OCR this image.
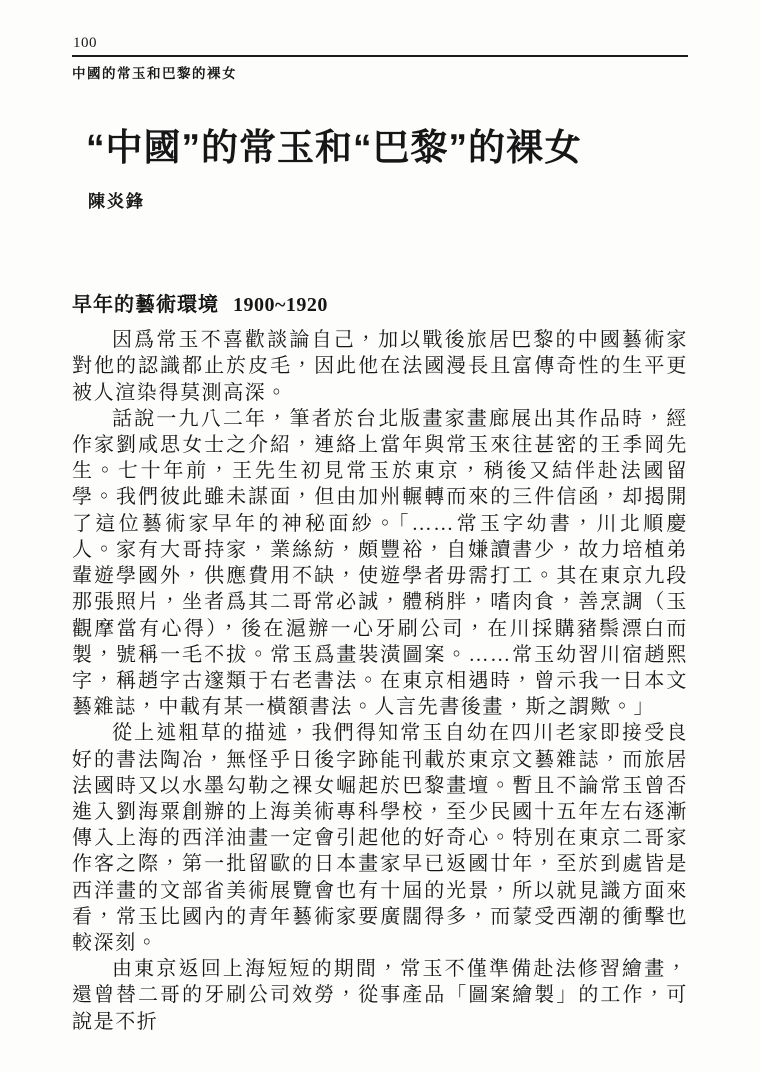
100
中國的常玉和巴黎的裸女
“中國”的常玉和“巴黎”的裸女
陳炎鋒
早年的藝術環境 1900~1920

因爲常玉不喜歡談論自己，加以戰後旅居巴黎的中國藝術家對他的認識都止於皮毛，因此他在法國漫長且富傳奇性的生平更被人渲染得莫測高深。

話說一九八二年，筆者於台北版畫家畫廊展出其作品時，經作家劉咸思女士之介紹，連絡上當年與常玉來往甚密的王季岡先生。七十年前，王先生初見常玉於東京，稍後又結伴赴法國留學。我們彼此雖未謀面，但由加州輾轉而來的三件信函，却揭開了這位藝術家早年的神秘面紗。「……常玉字幼書，川北順慶人。家有大哥持家，業絲紡，頗豐裕，自嫌讀書少，故力培植弟輩遊學國外，供應費用不缺，使遊學者毋需打工。其在東京九段那張照片，坐者爲其二哥常必誠，體稍胖，嗜肉食，善烹調（玉觀摩當有心得），後在滬辦一心牙刷公司，在川採購豬鬃漂白而製，號稱一毛不拔。常玉爲畫裝潢圖案。……常玉幼習川宿趙熙字，稱趙字古邃類于右老書法。在東京相遇時，曾示我一日本文藝雜誌，中載有某一橫額書法。人言先書後畫，斯之謂歟。」

從上述粗草的描述，我們得知常玉自幼在四川老家即接受良好的書法陶冶，無怪乎日後字跡能刊載於東京文藝雜誌，而旅居法國時又以水墨勾勒之裸女崛起於巴黎畫壇。暫且不論常玉曾否進入劉海粟創辦的上海美術專科學校，至少民國十五年左右逐漸傳入上海的西洋油畫一定會引起他的好奇心。特別在東京二哥家作客之際，第一批留歐的日本畫家早已返國廿年，至於到處皆是西洋畫的文部省美術展覽會也有十屆的光景，所以就見識方面來看，常玉比國內的青年藝術家要廣闊得多，而蒙受西潮的衝擊也較深刻。

由東京返回上海短短的期間，常玉不僅準備赴法修習繪畫，還曾替二哥的牙刷公司效勞，從事產品「圖案繪製」的工作，可說是不折
